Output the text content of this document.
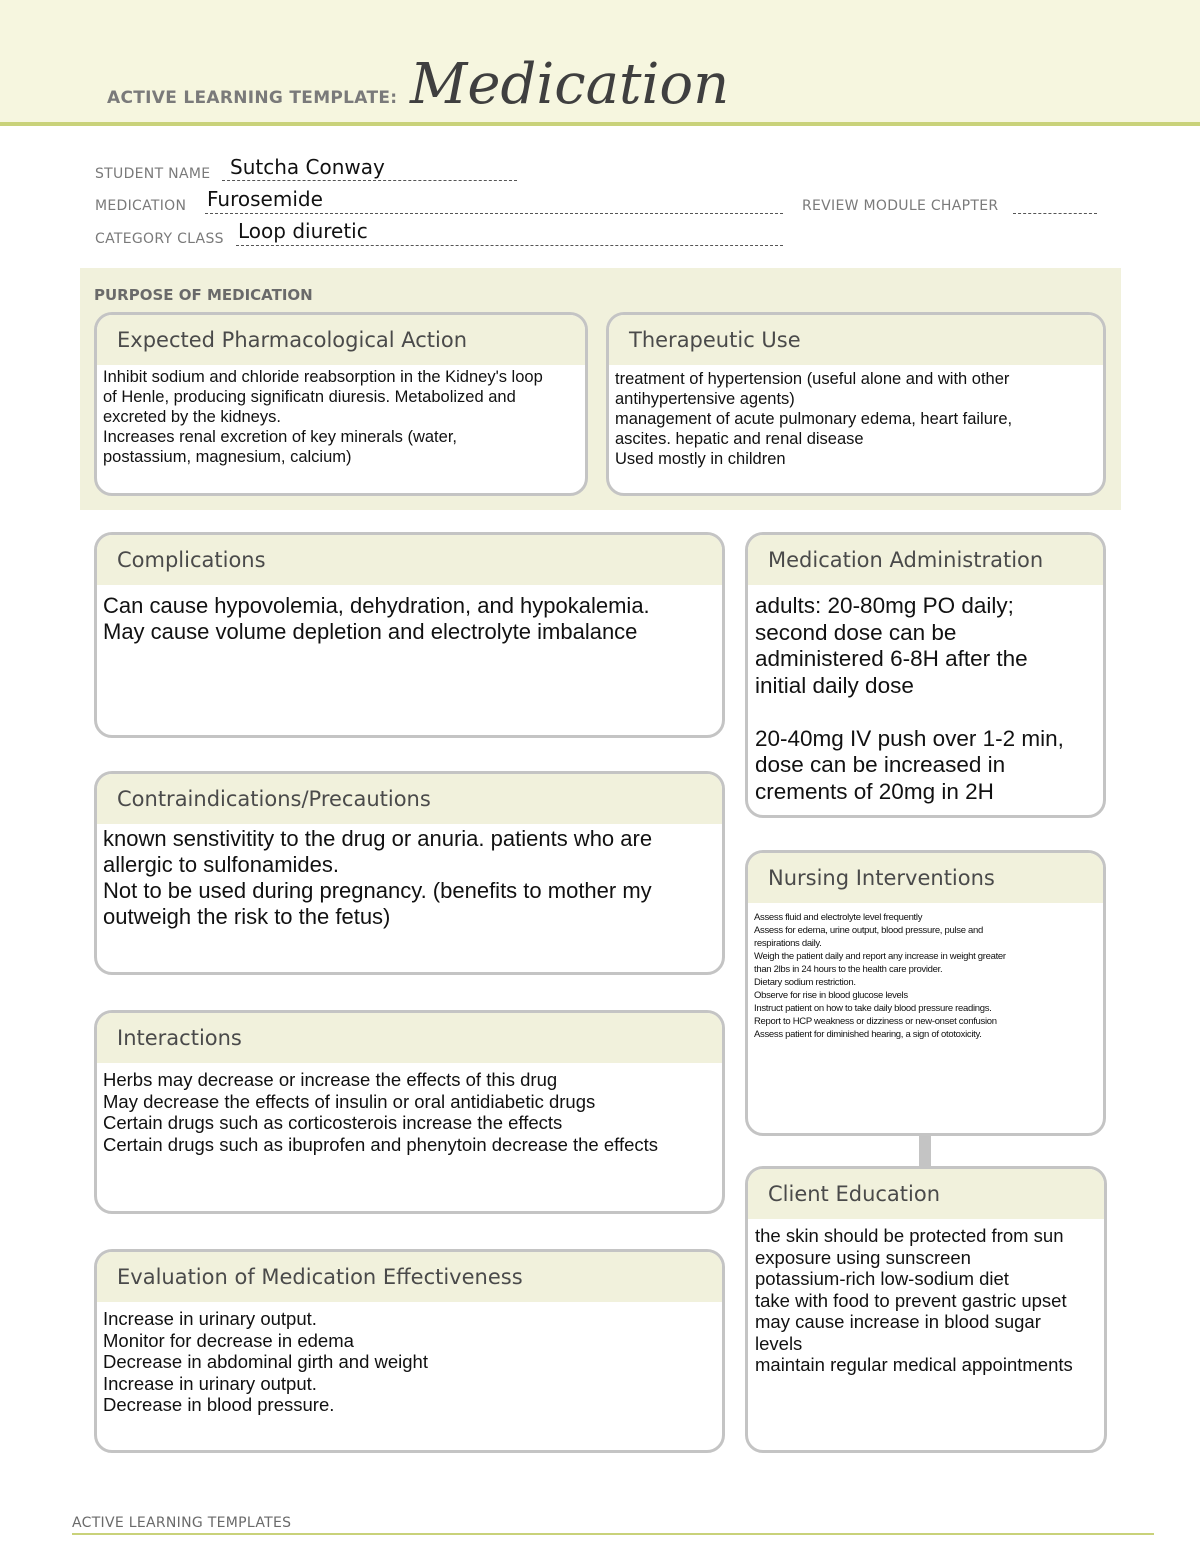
ACTIVE LEARNING TEMPLATE: Medication
STUDENT NAME Sutcha Conway
MEDICATION Furosemide	REVIEW MODULE CHAPTER
CATEGORY CLASS Loop diuretic
PURPOSE OF MEDICATION
Expected Pharmacological Action
Inhibit sodium and chloride reabsorption in the Kidney's loop
of Henle, producing significatn diuresis. Metabolized and
excreted by the kidneys.
Increases renal excretion of key minerals (water,
postassium, magnesium, calcium)
Therapeutic Use
treatment of hypertension (useful alone and with other
antihypertensive agents)
management of acute pulmonary edema, heart failure,
ascites. hepatic and renal disease
Used mostly in children
Complications
Can cause hypovolemia, dehydration, and hypokalemia.
May cause volume depletion and electrolyte imbalance
Contraindications/Precautions
known senstivitity to the drug or anuria. patients who are
allergic to sulfonamides.
Not to be used during pregnancy. (benefits to mother my
outweigh the risk to the fetus)
Interactions
Herbs may decrease or increase the effects of this drug
May decrease the effects of insulin or oral antidiabetic drugs
Certain drugs such as corticosterois increase the effects
Certain drugs such as ibuprofen and phenytoin decrease the effects
Evaluation of Medication Effectiveness
Increase in urinary output.
Monitor for decrease in edema
Decrease in abdominal girth and weight
Increase in urinary output.
Decrease in blood pressure.
Medication Administration
adults: 20-80mg PO daily;
second dose can be
administered 6-8H after the
initial daily dose

20-40mg IV push over 1-2 min,
dose can be increased in
crements of 20mg in 2H
Nursing Interventions
Assess fluid and electrolyte level frequently
Assess for edema, urine output, blood pressure, pulse and
respirations daily.
Weigh the patient daily and report any increase in weight greater
than 2lbs in 24 hours to the health care provider.
Dietary sodium restriction.
Observe for rise in blood glucose levels
Instruct patient on how to take daily blood pressure readings.
Report to HCP weakness or dizziness or new-onset confusion
Assess patient for diminished hearing, a sign of ototoxicity.
Client Education
the skin should be protected from sun
exposure using sunscreen
potassium-rich low-sodium diet
take with food to prevent gastric upset
may cause increase in blood sugar
levels
maintain regular medical appointments
ACTIVE LEARNING TEMPLATES
